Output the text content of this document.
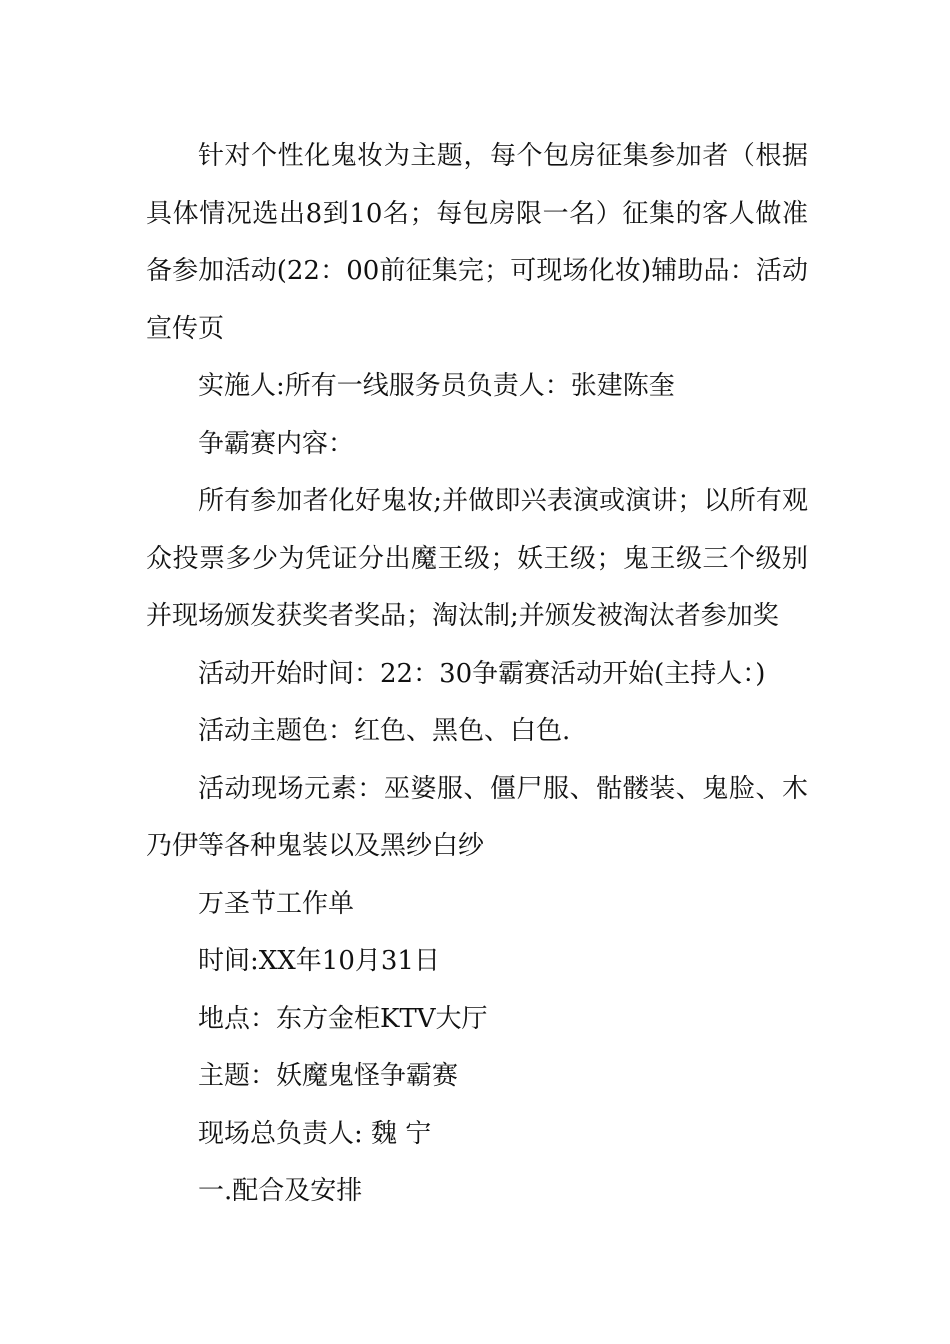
针对个性化鬼妆为主题，每个包房征集参加者（根据具体情况选出8到10名；每包房限一名）征集的客人做准备参加活动(22：00前征集完；可现场化妆)辅助品：活动宣传页

实施人:所有一线服务员负责人：张建陈奎

争霸赛内容：

所有参加者化好鬼妆;并做即兴表演或演讲；以所有观众投票多少为凭证分出魔王级；妖王级；鬼王级三个级别并现场颁发获奖者奖品；淘汰制;并颁发被淘汰者参加奖

活动开始时间：22：30争霸赛活动开始(主持人：)

活动主题色：红色、黑色、白色.

活动现场元素：巫婆服、僵尸服、骷髅装、鬼脸、木乃伊等各种鬼装以及黑纱白纱

万圣节工作单

时间:XX年10月31日

地点：东方金柜KTV大厅

主题：妖魔鬼怪争霸赛

现场总负责人: 魏 宁

一.配合及安排
